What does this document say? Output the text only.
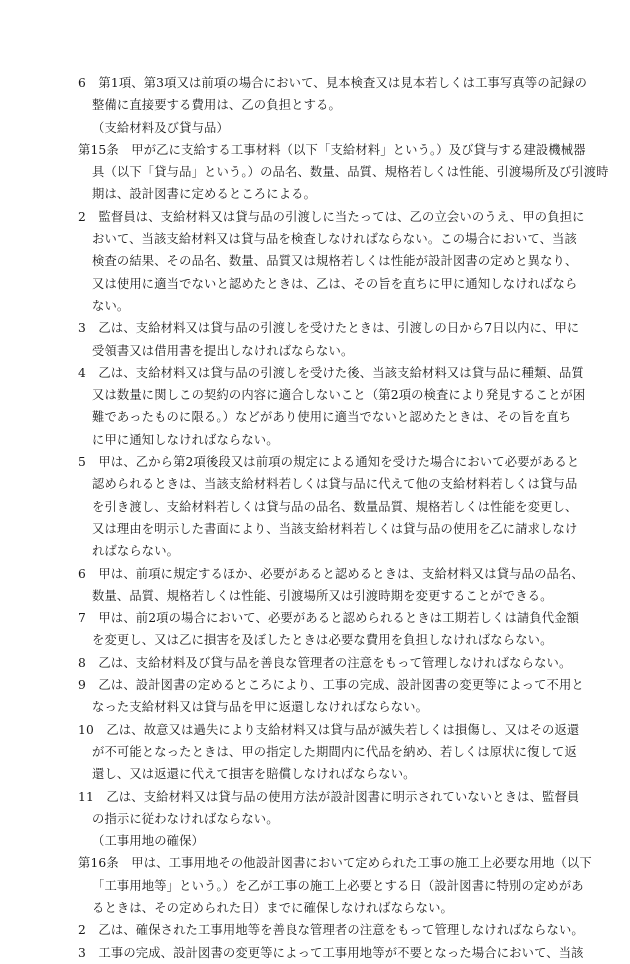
6　第1項、第3項又は前項の場合において、見本検査又は見本若しくは工事写真等の記録の
整備に直接要する費用は、乙の負担とする。
（支給材料及び貸与品）
第15条　甲が乙に支給する工事材料（以下「支給材料」という。）及び貸与する建設機械器
具（以下「貸与品」という。）の品名、数量、品質、規格若しくは性能、引渡場所及び引渡時
期は、設計図書に定めるところによる。
2　監督員は、支給材料又は貸与品の引渡しに当たっては、乙の立会いのうえ、甲の負担に
おいて、当該支給材料又は貸与品を検査しなければならない。この場合において、当該
検査の結果、その品名、数量、品質又は規格若しくは性能が設計図書の定めと異なり、
又は使用に適当でないと認めたときは、乙は、その旨を直ちに甲に通知しなければなら
ない。
3　乙は、支給材料又は貸与品の引渡しを受けたときは、引渡しの日から7日以内に、甲に
受領書又は借用書を提出しなければならない。
4　乙は、支給材料又は貸与品の引渡しを受けた後、当該支給材料又は貸与品に種類、品質
又は数量に関しこの契約の内容に適合しないこと（第2項の検査により発見することが困
難であったものに限る。）などがあり使用に適当でないと認めたときは、その旨を直ち
に甲に通知しなければならない。
5　甲は、乙から第2項後段又は前項の規定による通知を受けた場合において必要があると
認められるときは、当該支給材料若しくは貸与品に代えて他の支給材料若しくは貸与品
を引き渡し、支給材料若しくは貸与品の品名、数量品質、規格若しくは性能を変更し、
又は理由を明示した書面により、当該支給材料若しくは貸与品の使用を乙に請求しなけ
ればならない。
6　甲は、前項に規定するほか、必要があると認めるときは、支給材料又は貸与品の品名、
数量、品質、規格若しくは性能、引渡場所又は引渡時期を変更することができる。
7　甲は、前2項の場合において、必要があると認められるときは工期若しくは請負代金額
を変更し、又は乙に損害を及ぼしたときは必要な費用を負担しなければならない。
8　乙は、支給材料及び貸与品を善良な管理者の注意をもって管理しなければならない。
9　乙は、設計図書の定めるところにより、工事の完成、設計図書の変更等によって不用と
なった支給材料又は貸与品を甲に返還しなければならない。
10　乙は、故意又は過失により支給材料又は貸与品が滅失若しくは損傷し、又はその返還
が不可能となったときは、甲の指定した期間内に代品を納め、若しくは原状に復して返
還し、又は返還に代えて損害を賠償しなければならない。
11　乙は、支給材料又は貸与品の使用方法が設計図書に明示されていないときは、監督員
の指示に従わなければならない。
（工事用地の確保）
第16条　甲は、工事用地その他設計図書において定められた工事の施工上必要な用地（以下
「工事用地等」という。）を乙が工事の施工上必要とする日（設計図書に特別の定めがあ
るときは、その定められた日）までに確保しなければならない。
2　乙は、確保された工事用地等を善良な管理者の注意をもって管理しなければならない。
3　工事の完成、設計図書の変更等によって工事用地等が不要となった場合において、当該
